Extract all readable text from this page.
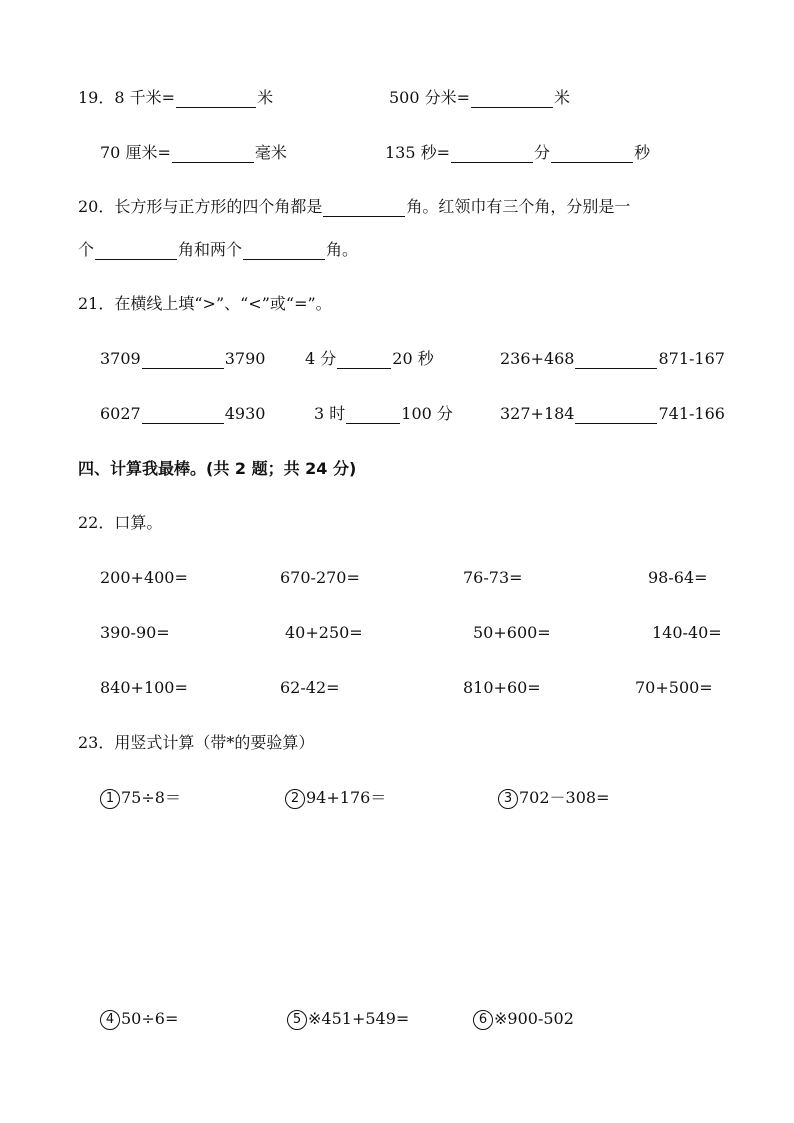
19． 8 千米=	米	500 分米=	米
70 厘米=	毫米	135 秒=	分	秒
20．长方形与正方形的四个角都是	角。红领巾有三个角，分别是一
个	角和两个	角。
21．在横线上填“>”、“<”或“=”。
3709	3790 4 分	20 秒	236+468	871-167
6027	4930	3 时	100 分	327+184	741-166
四、计算我最棒。(共 2 题；共 24 分)
22．口算。
200+400=	670-270=	76-73=	98-64=
390-90=	40+250=	50+600=	140-40=
840+100=	62-42=	810+60=	70+500=
23．用竖式计算（带*的要验算）
1 75÷8＝	2 94+176＝	3 702－308=
4 50÷6=	5 ※451+549=	6 ※900-502
